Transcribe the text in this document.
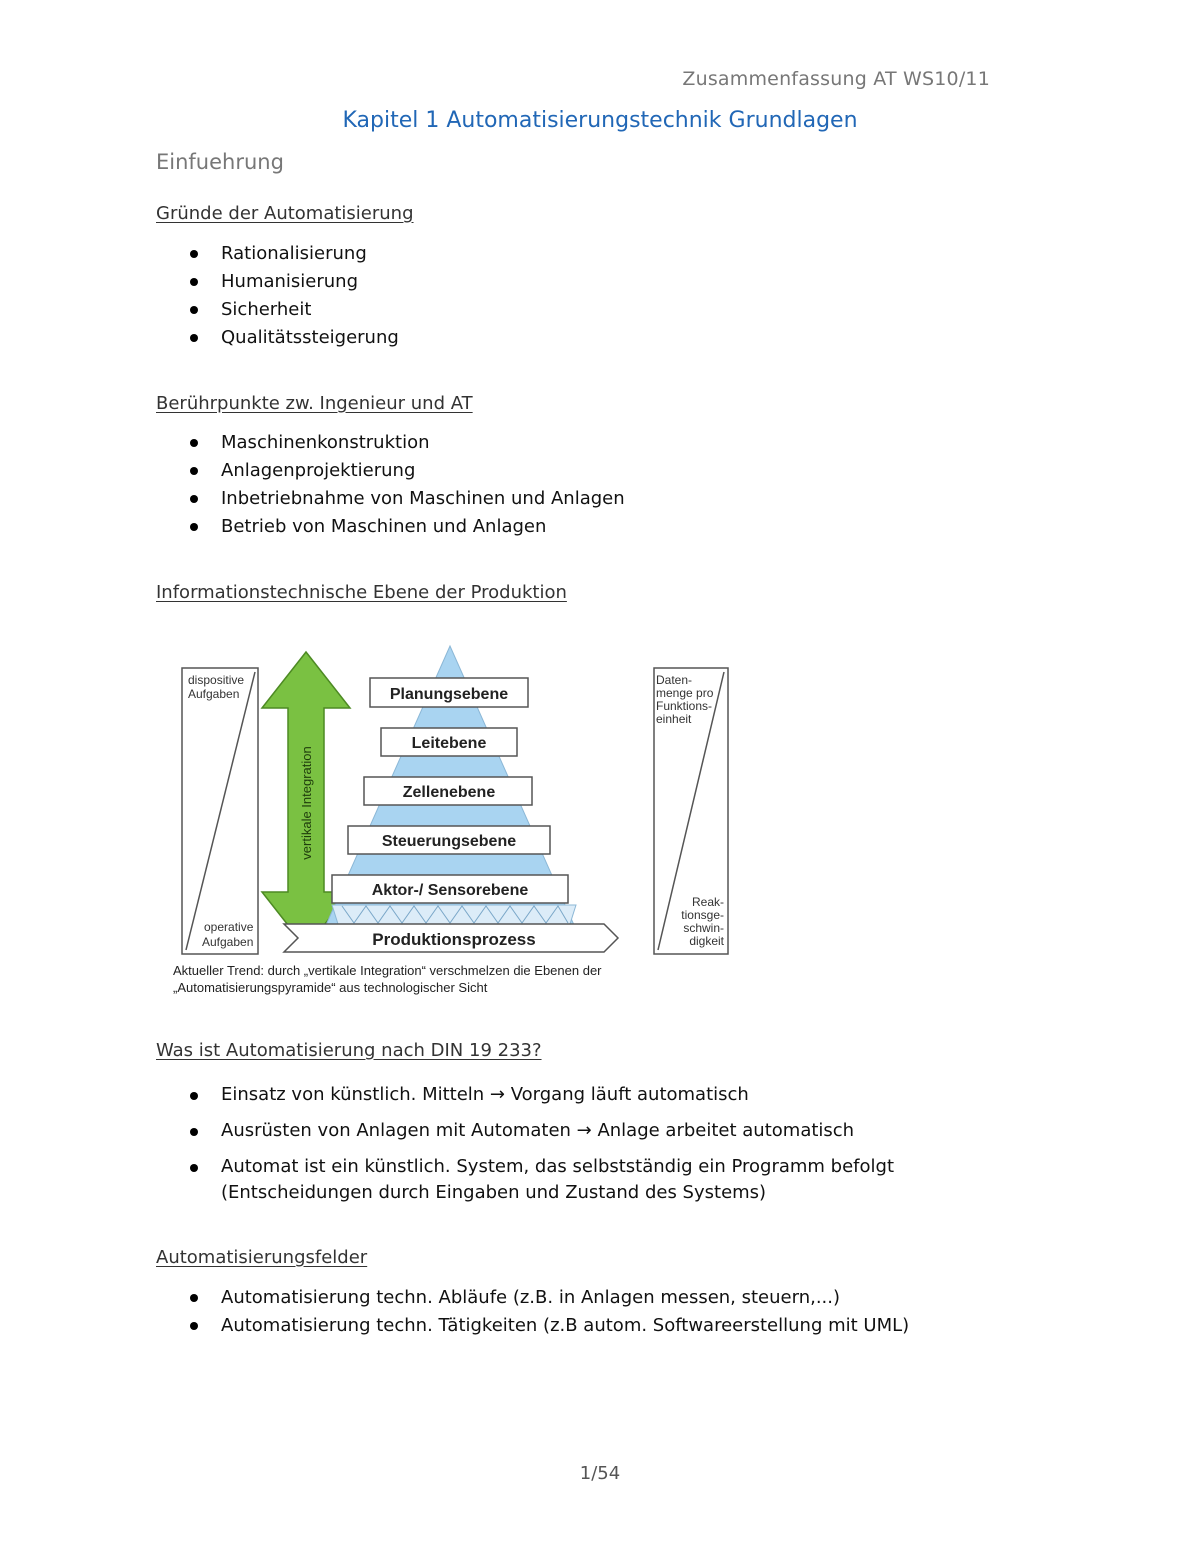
Zusammenfassung AT WS10/11
Kapitel 1 Automatisierungstechnik Grundlagen
Einfuehrung
Gründe der Automatisierung
Rationalisierung
Humanisierung
Sicherheit
Qualitätssteigerung
Berührpunkte zw. Ingenieur und AT
Maschinenkonstruktion
Anlagenprojektierung
Inbetriebnahme von Maschinen und Anlagen
Betrieb von Maschinen und Anlagen
Informationstechnische Ebene der Produktion
dispositive
Aufgaben
operative
Aufgaben
vertikale Integration
Planungsebene
Leitebene
Zellenebene
Steuerungsebene
Aktor-/ Sensorebene
Produktionsprozess
Daten-
menge pro
Funktions-
einheit
Reak-
tionsge-
schwin-
digkeit
Aktueller Trend: durch „vertikale Integration“ verschmelzen die Ebenen der
„Automatisierungspyramide“ aus technologischer Sicht
Was ist Automatisierung nach DIN 19 233?
Einsatz von künstlich. Mitteln → Vorgang läuft automatisch
Ausrüsten von Anlagen mit Automaten → Anlage arbeitet automatisch
Automat ist ein künstlich. System, das selbstständig ein Programm befolgt (Entscheidungen durch Eingaben und Zustand des Systems)
Automatisierungsfelder
Automatisierung techn. Abläufe (z.B. in Anlagen messen, steuern,...)
Automatisierung techn. Tätigkeiten (z.B autom. Softwareerstellung mit UML)
1/54
